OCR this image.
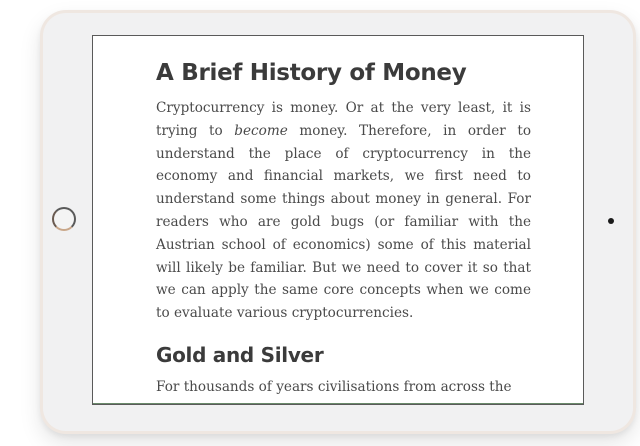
A Brief History of Money

Cryptocurrency is money. Or at the very least, it is trying to become money. Therefore, in order to understand the place of cryptocurrency in the economy and financial markets, we first need to understand some things about money in general. For readers who are gold bugs (or familiar with the Austrian school of economics) some of this material will likely be familiar. But we need to cover it so that we can apply the same core concepts when we come to evaluate various cryptocurrencies.

Gold and Silver

For thousands of years civilisations from across the
